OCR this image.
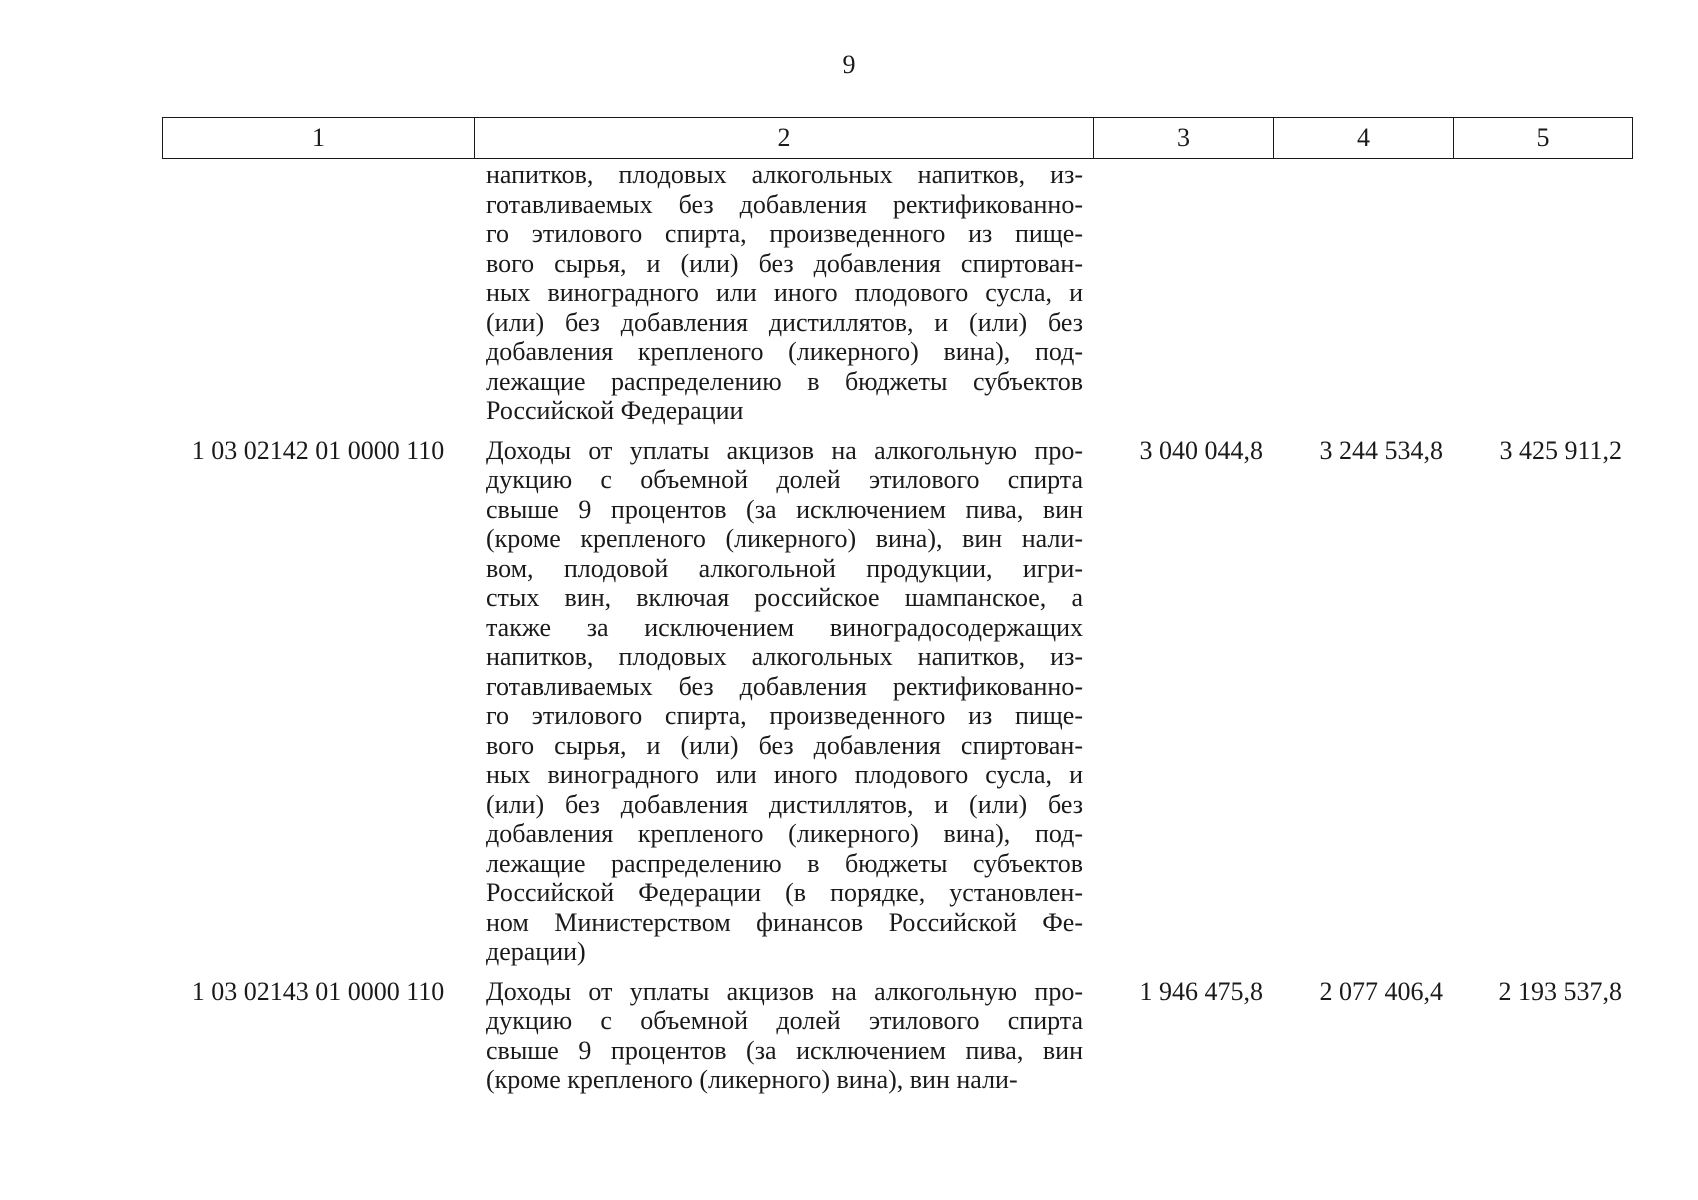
9
1	2	3	4	5
напитков, плодовых алкогольных напитков, из-
готавливаемых без добавления ректификованно-
го этилового спирта, произведенного из пище-
вого сырья, и (или) без добавления спиртован-
ных виноградного или иного плодового сусла, и
(или) без добавления дистиллятов, и (или) без
добавления крепленого (ликерного) вина), под-
лежащие распределению в бюджеты субъектов
Российской Федерации
1 03 02142 01 0000 110	Доходы от уплаты акцизов на алкогольную про-
дукцию с объемной долей этилового спирта
свыше 9 процентов (за исключением пива, вин
(кроме крепленого (ликерного) вина), вин нали-
вом, плодовой алкогольной продукции, игри-
стых вин, включая российское шампанское, а
также за исключением виноградосодержащих
напитков, плодовых алкогольных напитков, из-
готавливаемых без добавления ректификованно-
го этилового спирта, произведенного из пище-
вого сырья, и (или) без добавления спиртован-
ных виноградного или иного плодового сусла, и
(или) без добавления дистиллятов, и (или) без
добавления крепленого (ликерного) вина), под-
лежащие распределению в бюджеты субъектов
Российской Федерации (в порядке, установлен-
ном Министерством финансов Российской Фе-
дерации)
3 040 044,8	3 244 534,8	3 425 911,2
1 03 02143 01 0000 110	Доходы от уплаты акцизов на алкогольную про-
дукцию с объемной долей этилового спирта
свыше 9 процентов (за исключением пива, вин
(кроме крепленого (ликерного) вина), вин нали-
1 946 475,8	2 077 406,4	2 193 537,8
